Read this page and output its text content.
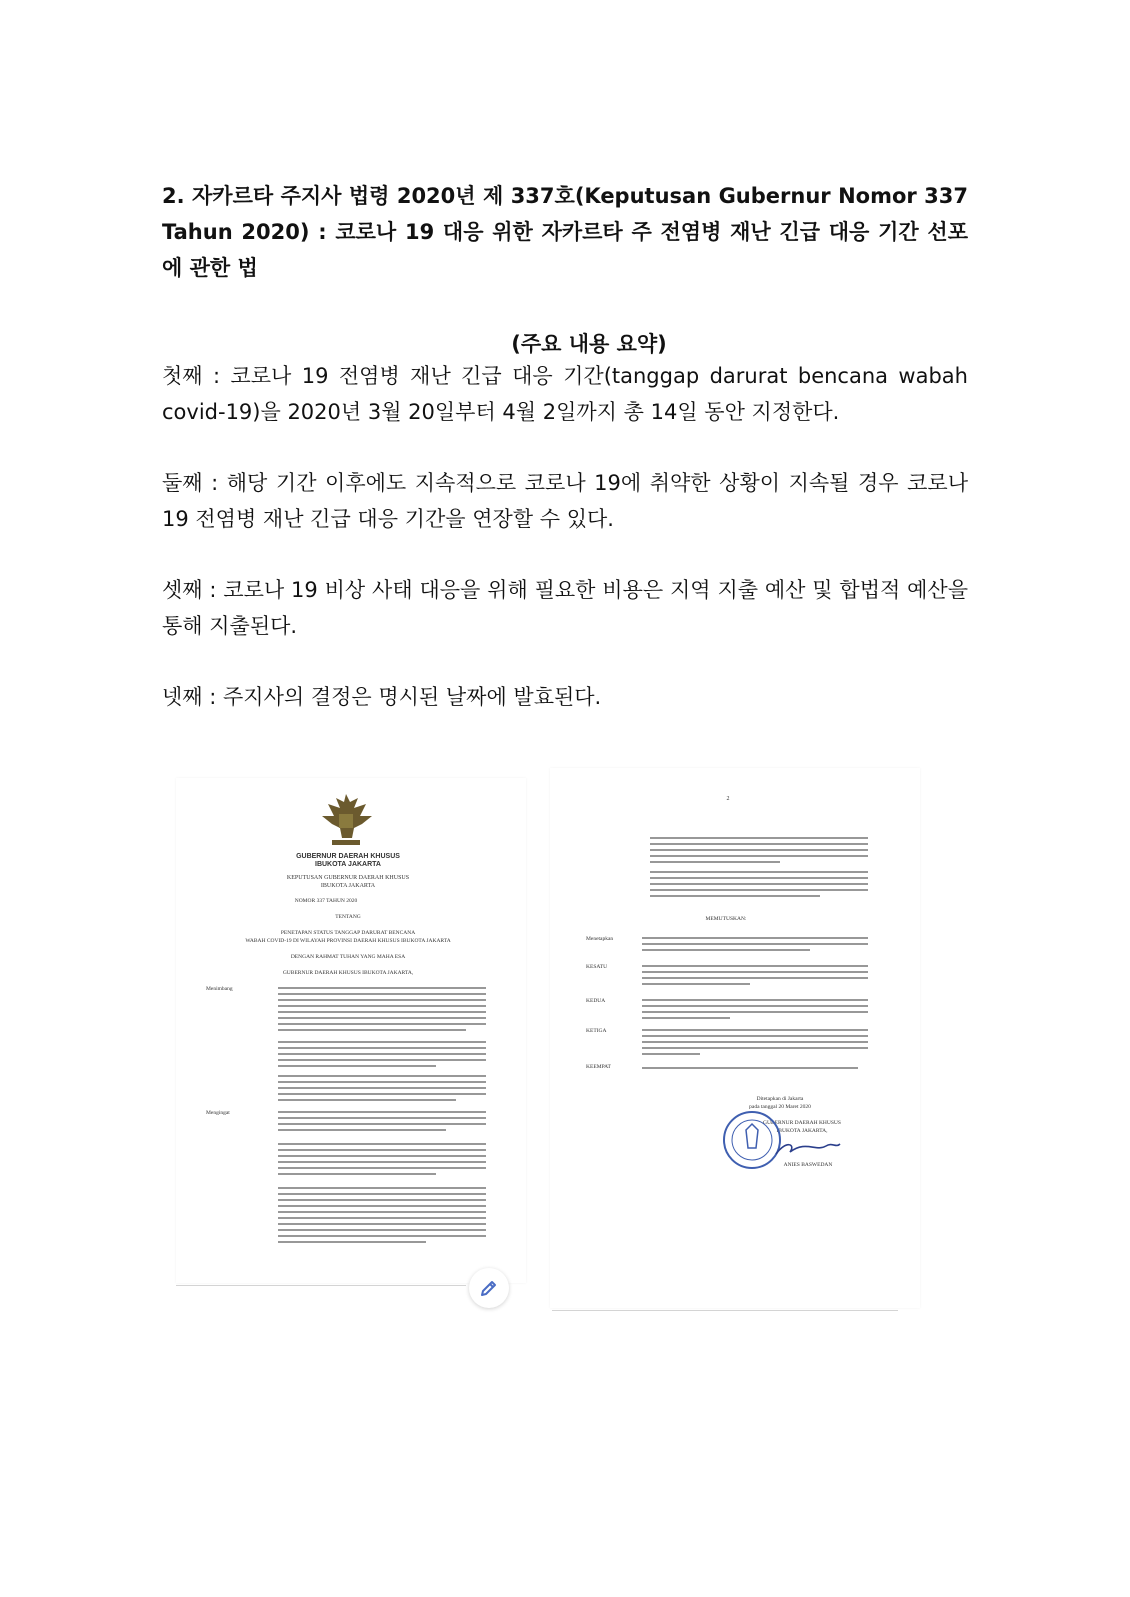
2. 자카르타 주지사 법령 2020년 제 337호(Keputusan Gubernur Nomor 337 Tahun 2020) : 코로나 19 대응 위한 자카르타 주 전염병 재난 긴급 대응 기간 선포에 관한 법
(주요 내용 요약)
첫째 : 코로나 19 전염병 재난 긴급 대응 기간(tanggap darurat bencana wabah covid-19)을 2020년 3월 20일부터 4월 2일까지 총 14일 동안 지정한다.
둘째 : 해당 기간 이후에도 지속적으로 코로나 19에 취약한 상황이 지속될 경우 코로나 19 전염병 재난 긴급 대응 기간을 연장할 수 있다.
셋째 : 코로나 19 비상 사태 대응을 위해 필요한 비용은 지역 지출 예산 및 합법적 예산을 통해 지출된다.
넷째 : 주지사의 결정은 명시된 날짜에 발효된다.
GUBERNUR DAERAH KHUSUS
IBUKOTA JAKARTA
KEPUTUSAN GUBERNUR DAERAH KHUSUS
IBUKOTA JAKARTA
NOMOR 337 TAHUN 2020
TENTANG
PENETAPAN STATUS TANGGAP DARURAT BENCANA
WABAH COVID-19 DI WILAYAH PROVINSI DAERAH KHUSUS IBUKOTA JAKARTA
DENGAN RAHMAT TUHAN YANG MAHA ESA
GUBERNUR DAERAH KHUSUS IBUKOTA JAKARTA,
Menimbang
Mengingat
2
MEMUTUSKAN:
Menetapkan
KESATU
KEDUA
KETIGA
KEEMPAT
Ditetapkan di Jakarta
pada tanggal 20 Maret 2020
GUBERNUR DAERAH KHUSUS
IBUKOTA JAKARTA,
ANIES BASWEDAN
